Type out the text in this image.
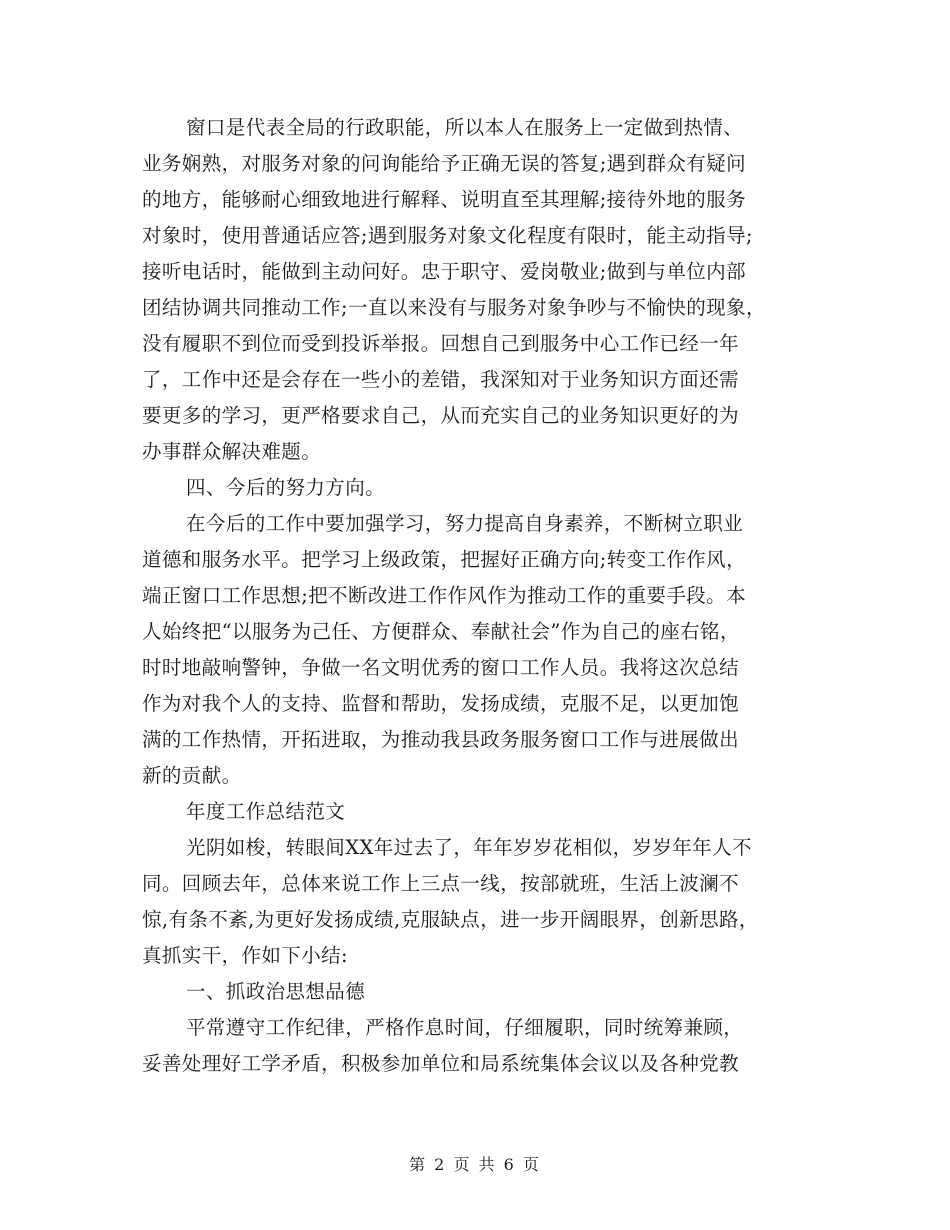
窗口是代表全局的行政职能，所以本人在服务上一定做到热情、
业务娴熟，对服务对象的问询能给予正确无误的答复;遇到群众有疑问
的地方，能够耐心细致地进行解释、说明直至其理解;接待外地的服务
对象时，使用普通话应答;遇到服务对象文化程度有限时，能主动指导;
接听电话时，能做到主动问好。忠于职守、爱岗敬业;做到与单位内部
团结协调共同推动工作;一直以来没有与服务对象争吵与不愉快的现象，
没有履职不到位而受到投诉举报。回想自己到服务中心工作已经一年
了，工作中还是会存在一些小的差错，我深知对于业务知识方面还需
要更多的学习，更严格要求自己，从而充实自己的业务知识更好的为
办事群众解决难题。
四、今后的努力方向。
在今后的工作中要加强学习，努力提高自身素养，不断树立职业
道德和服务水平。把学习上级政策，把握好正确方向;转变工作作风，
端正窗口工作思想;把不断改进工作作风作为推动工作的重要手段。本
人始终把“以服务为己任、方便群众、奉献社会”作为自己的座右铭，
时时地敲响警钟，争做一名文明优秀的窗口工作人员。我将这次总结
作为对我个人的支持、监督和帮助，发扬成绩，克服不足，以更加饱
满的工作热情，开拓进取，为推动我县政务服务窗口工作与进展做出
新的贡献。
年度工作总结范文
光阴如梭，转眼间XX年过去了，年年岁岁花相似，岁岁年年人不
同。回顾去年，总体来说工作上三点一线，按部就班，生活上波澜不
惊,有条不紊,为更好发扬成绩,克服缺点，进一步开阔眼界，创新思路，
真抓实干，作如下小结:
一、抓政治思想品德
平常遵守工作纪律，严格作息时间，仔细履职，同时统筹兼顾，
妥善处理好工学矛盾，积极参加单位和局系统集体会议以及各种党教
第 2 页 共 6 页
